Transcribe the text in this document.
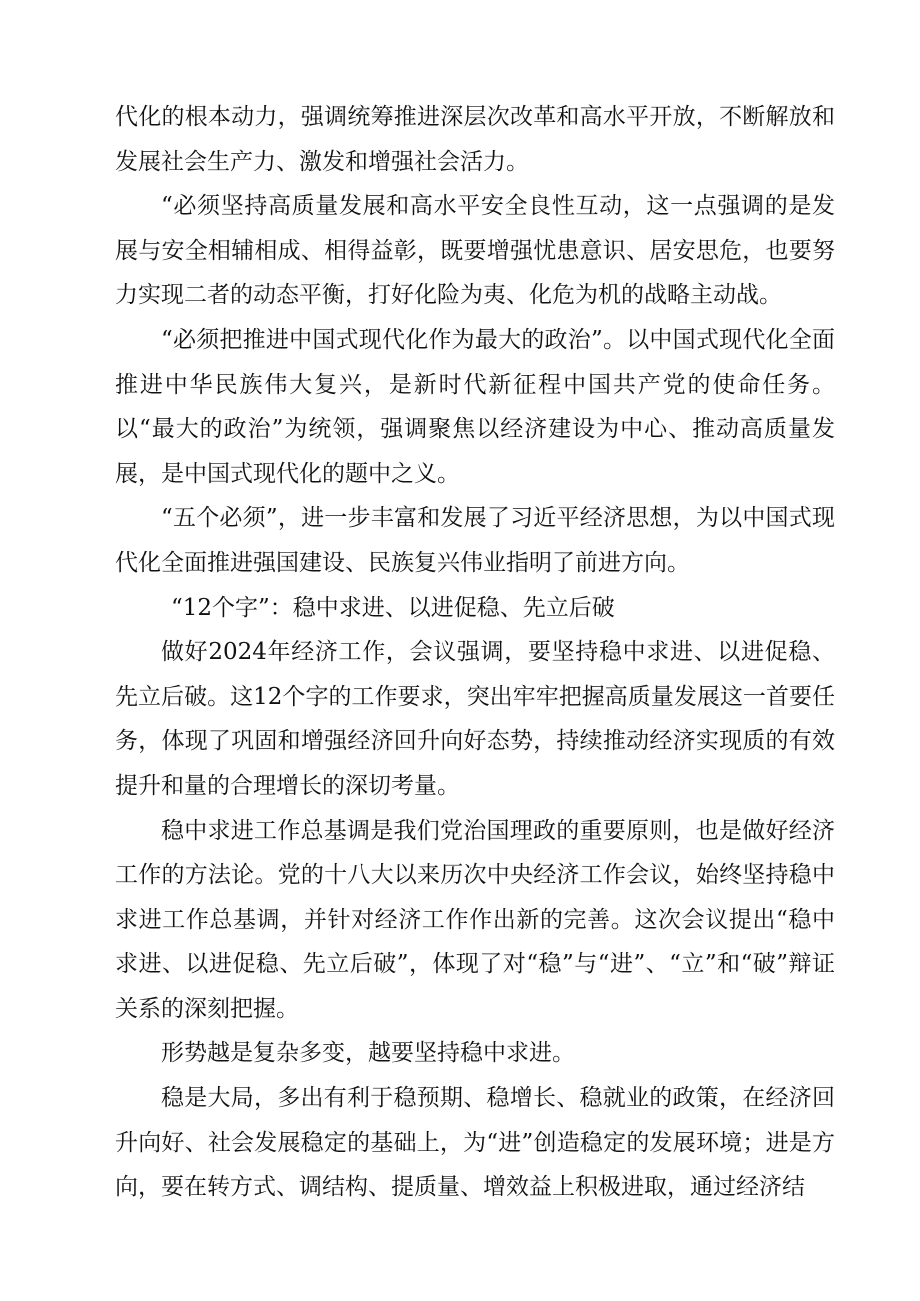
代化的根本动力，强调统筹推进深层次改革和高水平开放，不断解放和发展社会生产力、激发和增强社会活力。

“必须坚持高质量发展和高水平安全良性互动，这一点强调的是发展与安全相辅相成、相得益彰，既要增强忧患意识、居安思危，也要努力实现二者的动态平衡，打好化险为夷、化危为机的战略主动战。

“必须把推进中国式现代化作为最大的政治”。以中国式现代化全面推进中华民族伟大复兴，是新时代新征程中国共产党的使命任务。以“最大的政治”为统领，强调聚焦以经济建设为中心、推动高质量发展，是中国式现代化的题中之义。

“五个必须”，进一步丰富和发展了习近平经济思想，为以中国式现代化全面推进强国建设、民族复兴伟业指明了前进方向。

“12个字”：稳中求进、以进促稳、先立后破

做好2024年经济工作，会议强调，要坚持稳中求进、以进促稳、先立后破。这12个字的工作要求，突出牢牢把握高质量发展这一首要任务，体现了巩固和增强经济回升向好态势，持续推动经济实现质的有效提升和量的合理增长的深切考量。

稳中求进工作总基调是我们党治国理政的重要原则，也是做好经济工作的方法论。党的十八大以来历次中央经济工作会议，始终坚持稳中求进工作总基调，并针对经济工作作出新的完善。这次会议提出“稳中求进、以进促稳、先立后破”，体现了对“稳”与“进”、“立”和“破”辩证关系的深刻把握。

形势越是复杂多变，越要坚持稳中求进。

稳是大局，多出有利于稳预期、稳增长、稳就业的政策，在经济回升向好、社会发展稳定的基础上，为“进”创造稳定的发展环境；进是方向，要在转方式、调结构、提质量、增效益上积极进取，通过经济结
